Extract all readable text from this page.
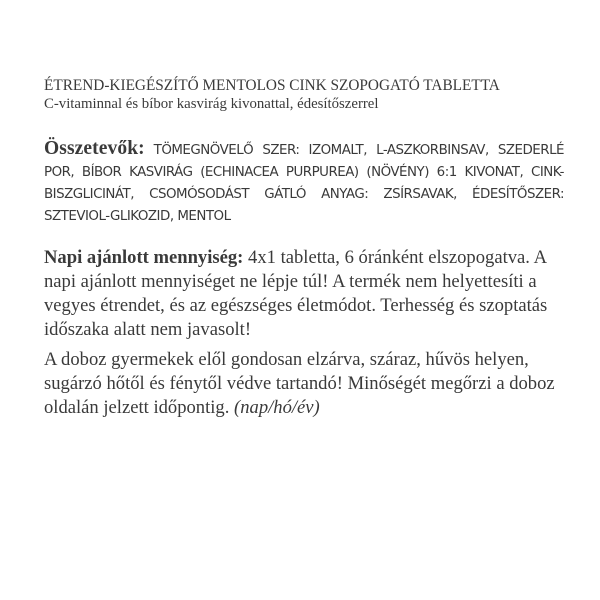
ÉTREND-KIEGÉSZÍTŐ MENTOLOS CINK SZOPOGATÓ TABLETTA
C-vitaminnal és bíbor kasvirág kivonattal, édesítőszerrel
Összetevők: TÖMEGNÖVELŐ SZER: IZOMALT, L-ASZKORBINSAV, SZEDERLÉ POR, BÍBOR KASVIRÁG (ECHINACEA PURPUREA) (NÖVÉNY) 6:1 KIVONAT, CINK-BISZGLICINÁT, CSOMÓSODÁST GÁTLÓ ANYAG: ZSÍRSAVAK, ÉDESÍTŐSZER: SZTEVIOL-GLIKOZID, MENTOL
Napi ajánlott mennyiség: 4x1 tabletta, 6 óránként elszopogatva. A napi ajánlott mennyiséget ne lépje túl! A termék nem helyettesíti a vegyes étrendet, és az egészséges életmódot. Terhesség és szoptatás időszaka alatt nem javasolt!
A doboz gyermekek elől gondosan elzárva, száraz, hűvös helyen, sugárzó hőtől és fénytől védve tartandó! Minőségét megőrzi a doboz oldalán jelzett időpontig. (nap/hó/év)
